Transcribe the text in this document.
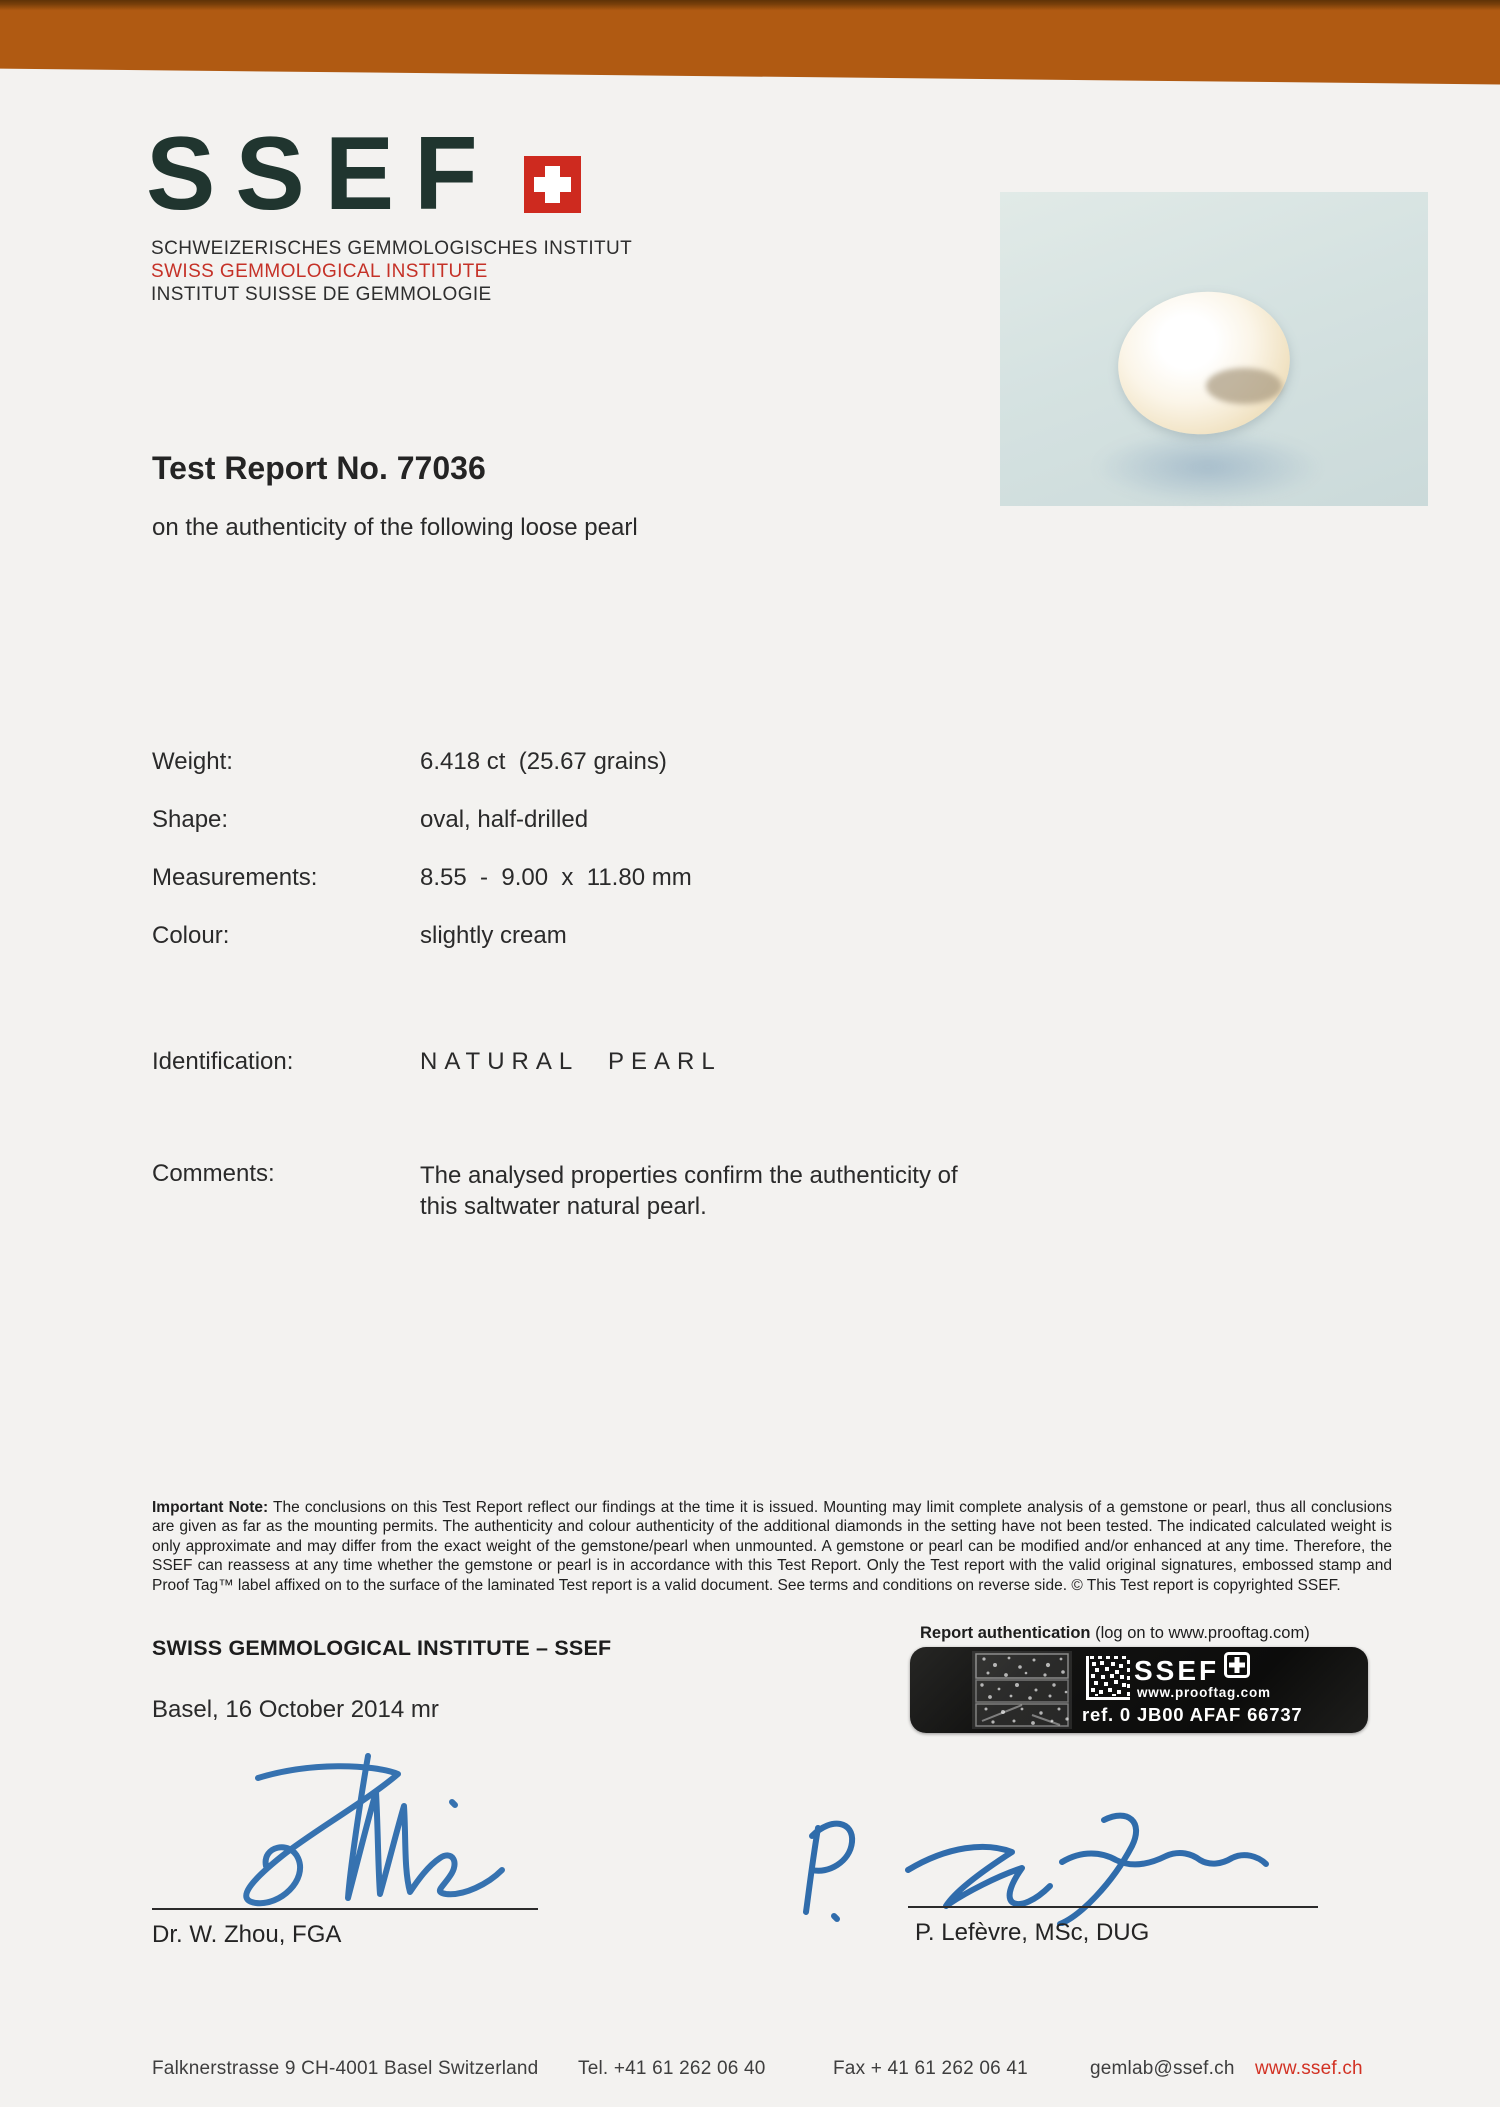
SSEF
SCHWEIZERISCHES GEMMOLOGISCHES INSTITUT
SWISS GEMMOLOGICAL INSTITUTE
INSTITUT SUISSE DE GEMMOLOGIE
Test Report No. 77036
on the authenticity of the following loose pearl
Weight:	6.418 ct  (25.67 grains)
Shape:	oval, half-drilled
Measurements:	8.55  -  9.00  x  11.80 mm
Colour:	slightly cream
Identification:	NATURAL PEARL
Comments:	The analysed properties confirm the authenticity of this saltwater natural pearl.
Important Note: The conclusions on this Test Report reflect our findings at the time it is issued. Mounting may limit complete analysis of a gemstone or pearl, thus all conclusions are given as far as the mounting permits. The authenticity and colour authenticity of the additional diamonds in the setting have not been tested. The indicated calculated weight is only approximate and may differ from the exact weight of the gemstone/pearl when unmounted. A gemstone or pearl can be modified and/or enhanced at any time. Therefore, the SSEF can reassess at any time whether the gemstone or pearl is in accordance with this Test Report. Only the Test report with the valid original signatures, embossed stamp and Proof Tag™ label affixed on to the surface of the laminated Test report is a valid document. See terms and conditions on reverse side. © This Test report is copyrighted SSEF.
SWISS GEMMOLOGICAL INSTITUTE – SSEF
Basel, 16 October 2014 mr
Report authentication (log on to www.prooftag.com)
SSEF
www.prooftag.com
ref. 0 JB00 AFAF 66737
Dr. W. Zhou, FGA	P. Lefèvre, MSc, DUG
Falknerstrasse 9 CH-4001 Basel Switzerland Tel. +41 61 262 06 40	Fax + 41 61 262 06 41	gemlab@ssef.ch www.ssef.ch
